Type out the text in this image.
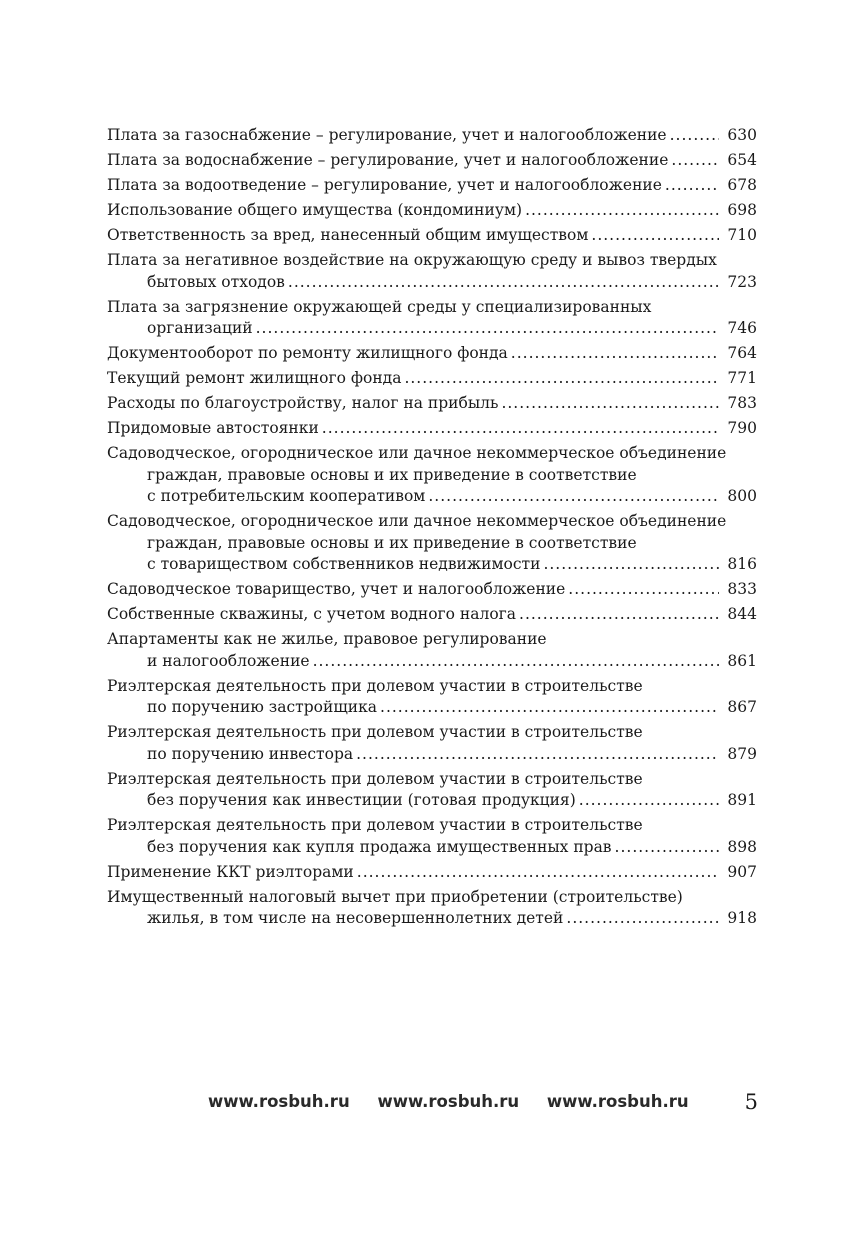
Плата за газоснабжение – регулирование, учет и налогообложение .....	630
Плата за водоснабжение – регулирование, учет и налогообложение .....	654
Плата за водоотведение – регулирование, учет и налогообложение .....	678
Использование общего имущества (кондоминиум) .....	698
Ответственность за вред, нанесенный общим имуществом .....	710
Плата за негативное воздействие на окружающую среду и вывоз твердых
бытовых отходов .....	723
Плата за загрязнение окружающей среды у специализированных
организаций .....	746
Документооборот по ремонту жилищного фонда .....	764
Текущий ремонт жилищного фонда .....	771
Расходы по благоустройству, налог на прибыль .....	783
Придомовые автостоянки .....	790
Садоводческое, огородническое или дачное некоммерческое объединение
граждан, правовые основы и их приведение в соответствие
с потребительским кооперативом .....	800
Садоводческое, огородническое или дачное некоммерческое объединение
граждан, правовые основы и их приведение в соответствие
с товариществом собственников недвижимости .....	816
Садоводческое товарищество, учет и налогообложение .....	833
Собственные скважины, с учетом водного налога .....	844
Апартаменты как не жилье, правовое регулирование
и налогообложение .....	861
Риэлтерская деятельность при долевом участии в строительстве
по поручению застройщика .....	867
Риэлтерская деятельность при долевом участии в строительстве
по поручению инвестора .....	879
Риэлтерская деятельность при долевом участии в строительстве
без поручения как инвестиции (готовая продукция) .....	891
Риэлтерская деятельность при долевом участии в строительстве
без поручения как купля продажа имущественных прав .....	898
Применение ККТ риэлторами .....	907
Имущественный налоговый вычет при приобретении (строительстве)
жилья, в том числе на несовершеннолетних детей .....	918
www.rosbuh.ru www.rosbuh.ru www.rosbuh.ru	5
